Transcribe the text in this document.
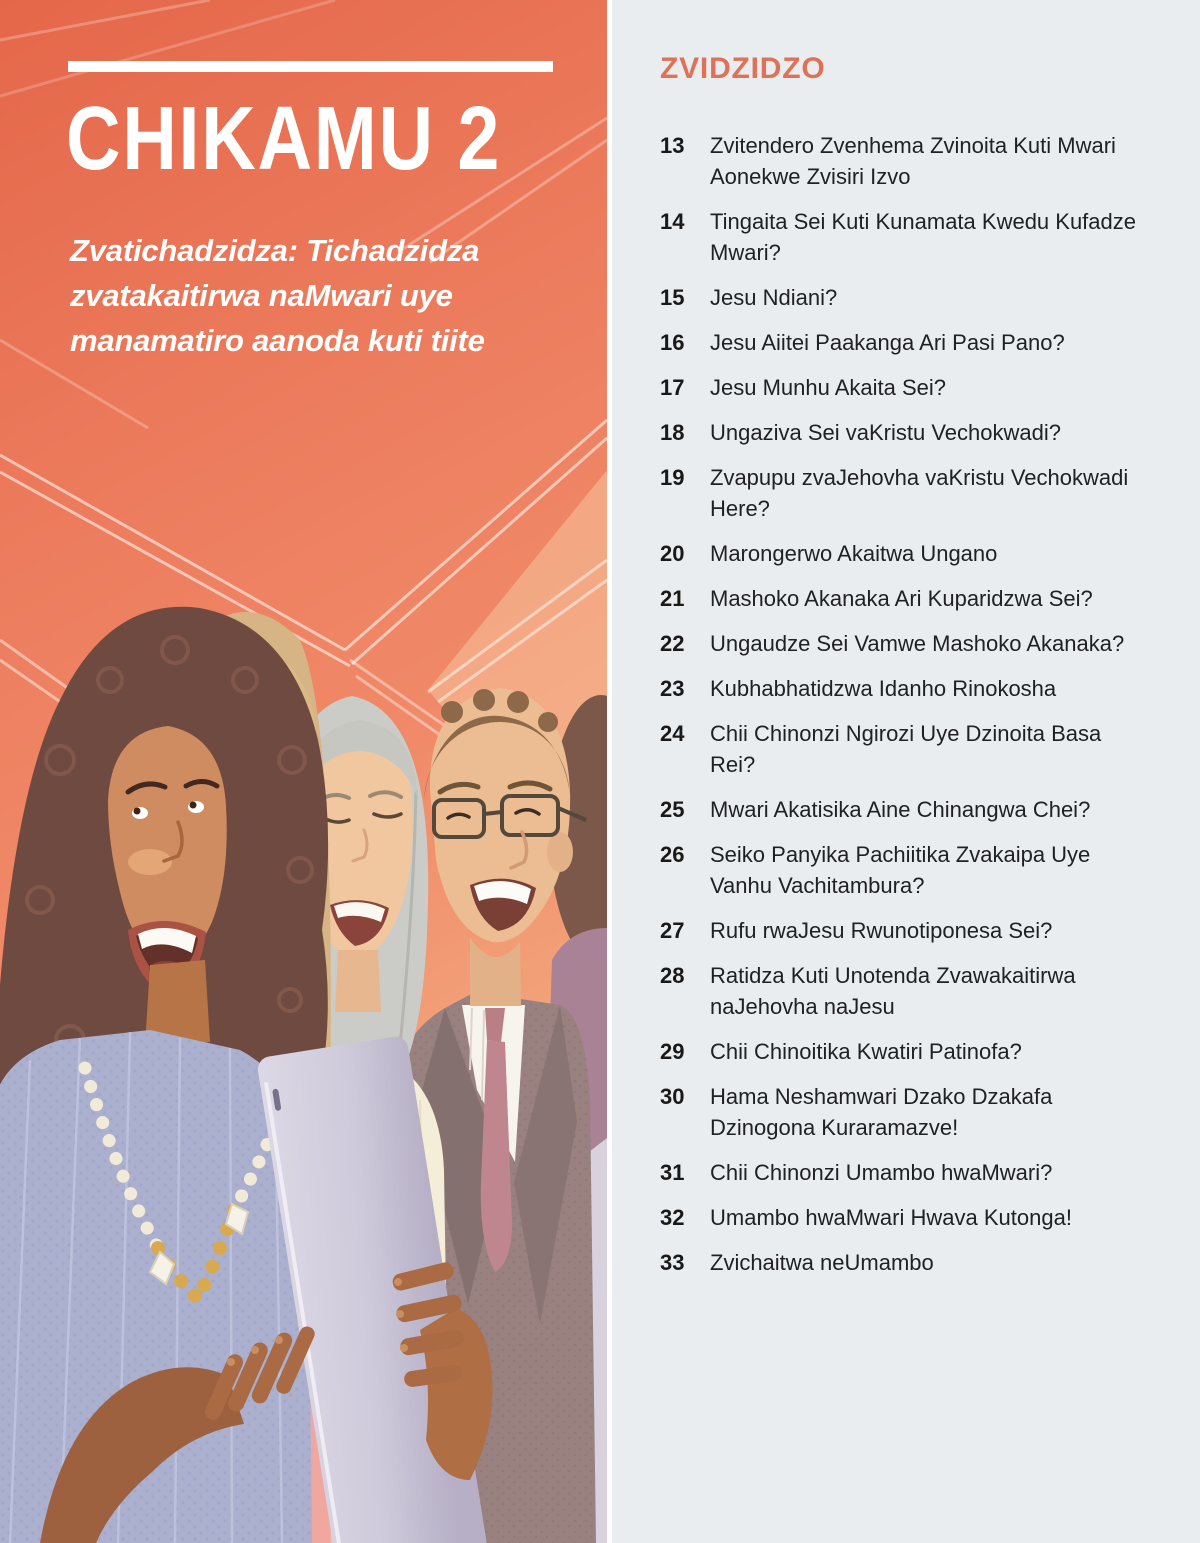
CHIKAMU 2
Zvatichadzidza: Tichadzidza zvatakaitirwa naMwari uye manamatiro aanoda kuti tiite
ZVIDZIDZO
13	Zvitendero Zvenhema Zvinoita Kuti Mwari Aonekwe Zvisiri Izvo
14	Tingaita Sei Kuti Kunamata Kwedu Kufadze Mwari?
15	Jesu Ndiani?
16	Jesu Aiitei Paakanga Ari Pasi Pano?
17	Jesu Munhu Akaita Sei?
18	Ungaziva Sei vaKristu Vechokwadi?
19	Zvapupu zvaJehovha vaKristu Vechokwadi Here?
20	Marongerwo Akaitwa Ungano
21	Mashoko Akanaka Ari Kuparidzwa Sei?
22	Ungaudze Sei Vamwe Mashoko Akanaka?
23	Kubhabhatidzwa Idanho Rinokosha
24	Chii Chinonzi Ngirozi Uye Dzinoita Basa Rei?
25	Mwari Akatisika Aine Chinangwa Chei?
26	Seiko Panyika Pachiitika Zvakaipa Uye Vanhu Vachitambura?
27	Rufu rwaJesu Rwunotiponesa Sei?
28	Ratidza Kuti Unotenda Zvawakaitirwa naJehovha naJesu
29	Chii Chinoitika Kwatiri Patinofa?
30	Hama Neshamwari Dzako Dzakafa Dzinogona Kuraramazve!
31	Chii Chinonzi Umambo hwaMwari?
32	Umambo hwaMwari Hwava Kutonga!
33	Zvichaitwa neUmambo
